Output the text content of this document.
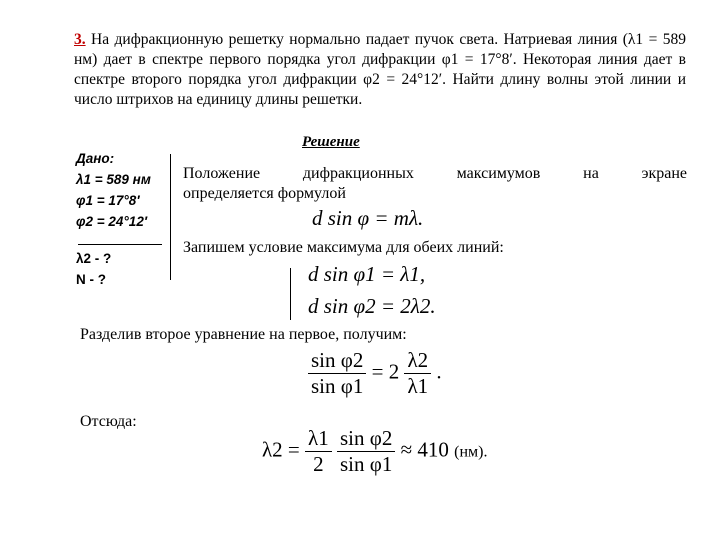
3. На дифракционную решетку нормально падает пучок света. Натриевая линия (λ1 = 589 нм) дает в спектре первого порядка угол дифракции φ1 = 17°8′. Некоторая линия дает в спектре второго порядка угол дифракции φ2 = 24°12′. Найти длину волны этой линии и число штрихов на единицу длины решетки.
Дано:
λ1 = 589 нм
φ1 = 17°8′
φ2 = 24°12′
λ2 - ?
N - ?
Решение
Положение дифракционных максимумов на экране
определяется формулой
d sin φ = mλ.
Запишем условие максимума для обеих линий:
d sin φ1 = λ1,
d sin φ2 = 2λ2.
Разделив второе уравнение на первое, получим:
$\frac{\text{sin φ2}}{\text{sin φ1}} = 2 \frac{\lambda 2}{\lambda 1}$ .
Отсюда:
$\lambda 2 = \frac{\lambda 1}{2}$
$\frac{\text{sin φ2}}{\text{sin φ1}} \approx 410$ (нм).
